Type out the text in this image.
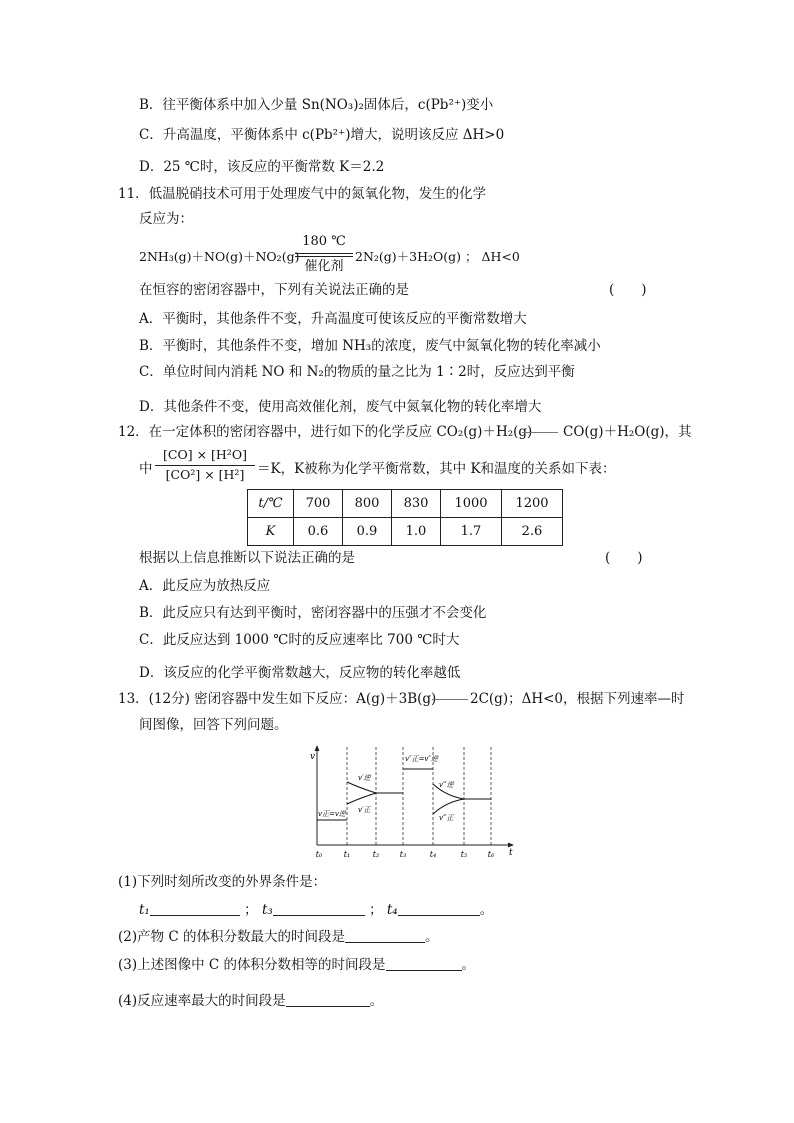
B．往平衡体系中加入少量 Sn(NO₃)₂固体后，c(Pb²⁺)变小
C．升高温度，平衡体系中 c(Pb²⁺)增大，说明该反应 ΔH>0
D．25 ℃时，该反应的平衡常数 K＝2.2
11．低温脱硝技术可用于处理废气中的氮氧化物，发生的化学
反应为：
2NH₃(g)＋NO(g)＋NO₂(g)
180 ℃
催化剂
2N₂(g)＋3H₂O(g) ； ΔH<0
在恒容的密闭容器中，下列有关说法正确的是	(　　)
A．平衡时，其他条件不变，升高温度可使该反应的平衡常数增大
B．平衡时，其他条件不变，增加 NH₃的浓度，废气中氮氧化物的转化率减小
C．单位时间内消耗 NO 和 N₂的物质的量之比为 1∶2时，反应达到平衡
D．其他条件不变，使用高效催化剂，废气中氮氧化物的转化率增大
12．在一定体积的密闭容器中，进行如下的化学反应 CO₂(g)＋H₂(g) CO(g)＋H₂O(g)，其
中
[CO] × [H²O]
[CO²] × [H²] ＝K，K被称为化学平衡常数，其中 K和温度的关系如下表：
t/℃	700	800	830	1000	1200
K	0.6	0.9	1.0	1.7	2.6
根据以上信息推断以下说法正确的是	(　　)
A．此反应为放热反应
B．此反应只有达到平衡时，密闭容器中的压强才不会变化
C．此反应达到 1000 ℃时的反应速率比 700 ℃时大
D．该反应的化学平衡常数越大，反应物的转化率越低
13．(12分) 密闭容器中发生如下反应：A(g)＋3B(g) 2C(g)；ΔH<0，根据下列速率—时
间图像，回答下列问题。
v
t
v正=v逆
v′逆
v′正
v″正=v″逆
v‴逆
v‴正
t₀	t₁	t₂	t₃	t₄	t₅	t₆
(1)下列时刻所改变的外界条件是：
t₁	； t₃	； t₄	。
(2)产物 C 的体积分数最大的时间段是	。
(3)上述图像中 C 的体积分数相等的时间段是	。
(4)反应速率最大的时间段是	。
